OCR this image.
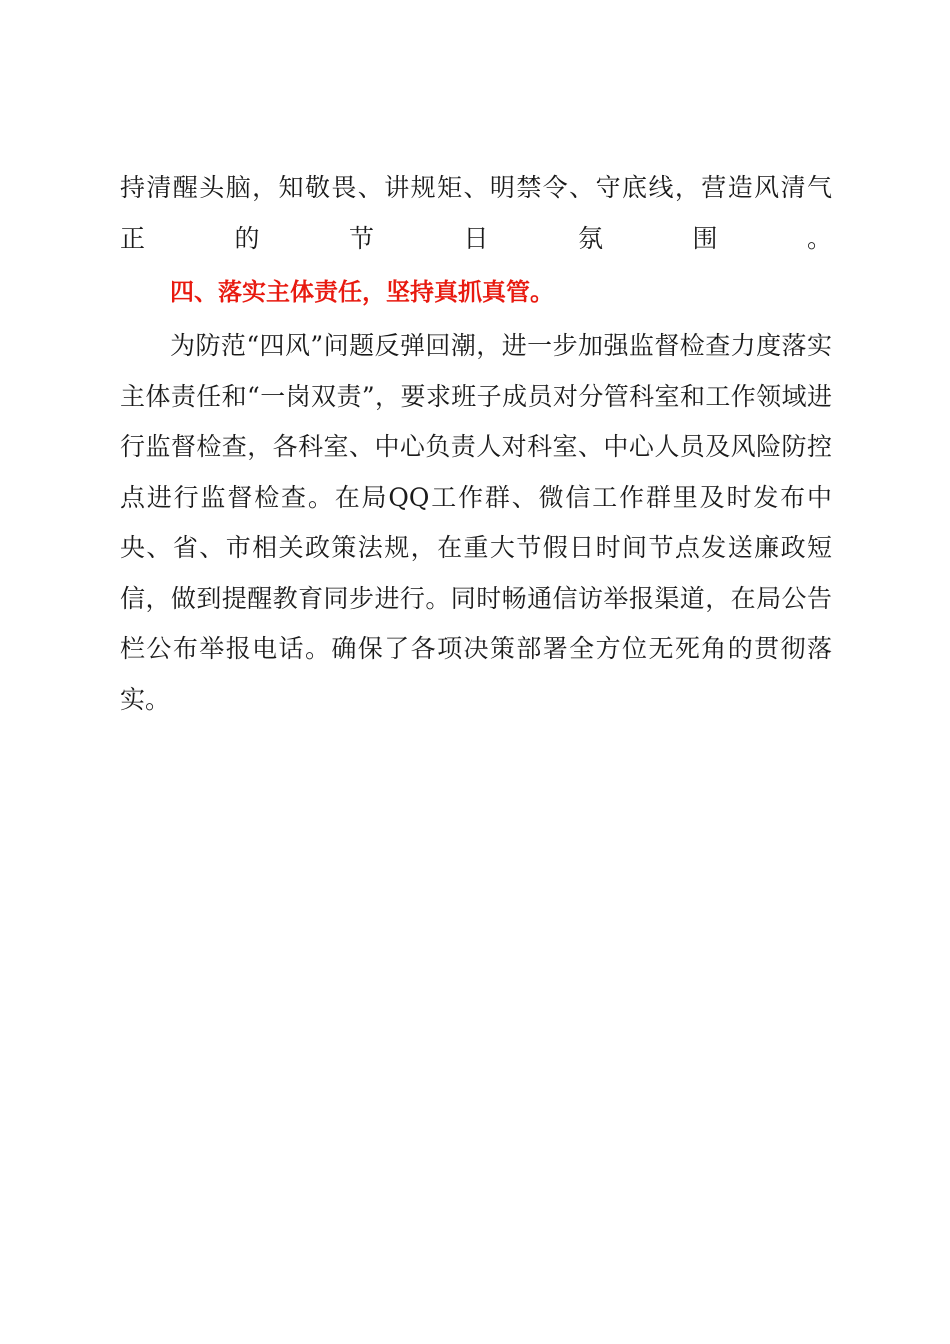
持清醒头脑，知敬畏、讲规矩、明禁令、守底线，营造风清气
正的节日氛围。
四、落实主体责任，坚持真抓真管。

为防范“四风”问题反弹回潮，进一步加强监督检查力度落实主体责任和“一岗双责”，要求班子成员对分管科室和工作领域进行监督检查，各科室、中心负责人对科室、中心人员及风险防控点进行监督检查。在局QQ工作群、微信工作群里及时发布中央、省、市相关政策法规，在重大节假日时间节点发送廉政短信，做到提醒教育同步进行。同时畅通信访举报渠道，在局公告栏公布举报电话。确保了各项决策部署全方位无死角的贯彻落实。
